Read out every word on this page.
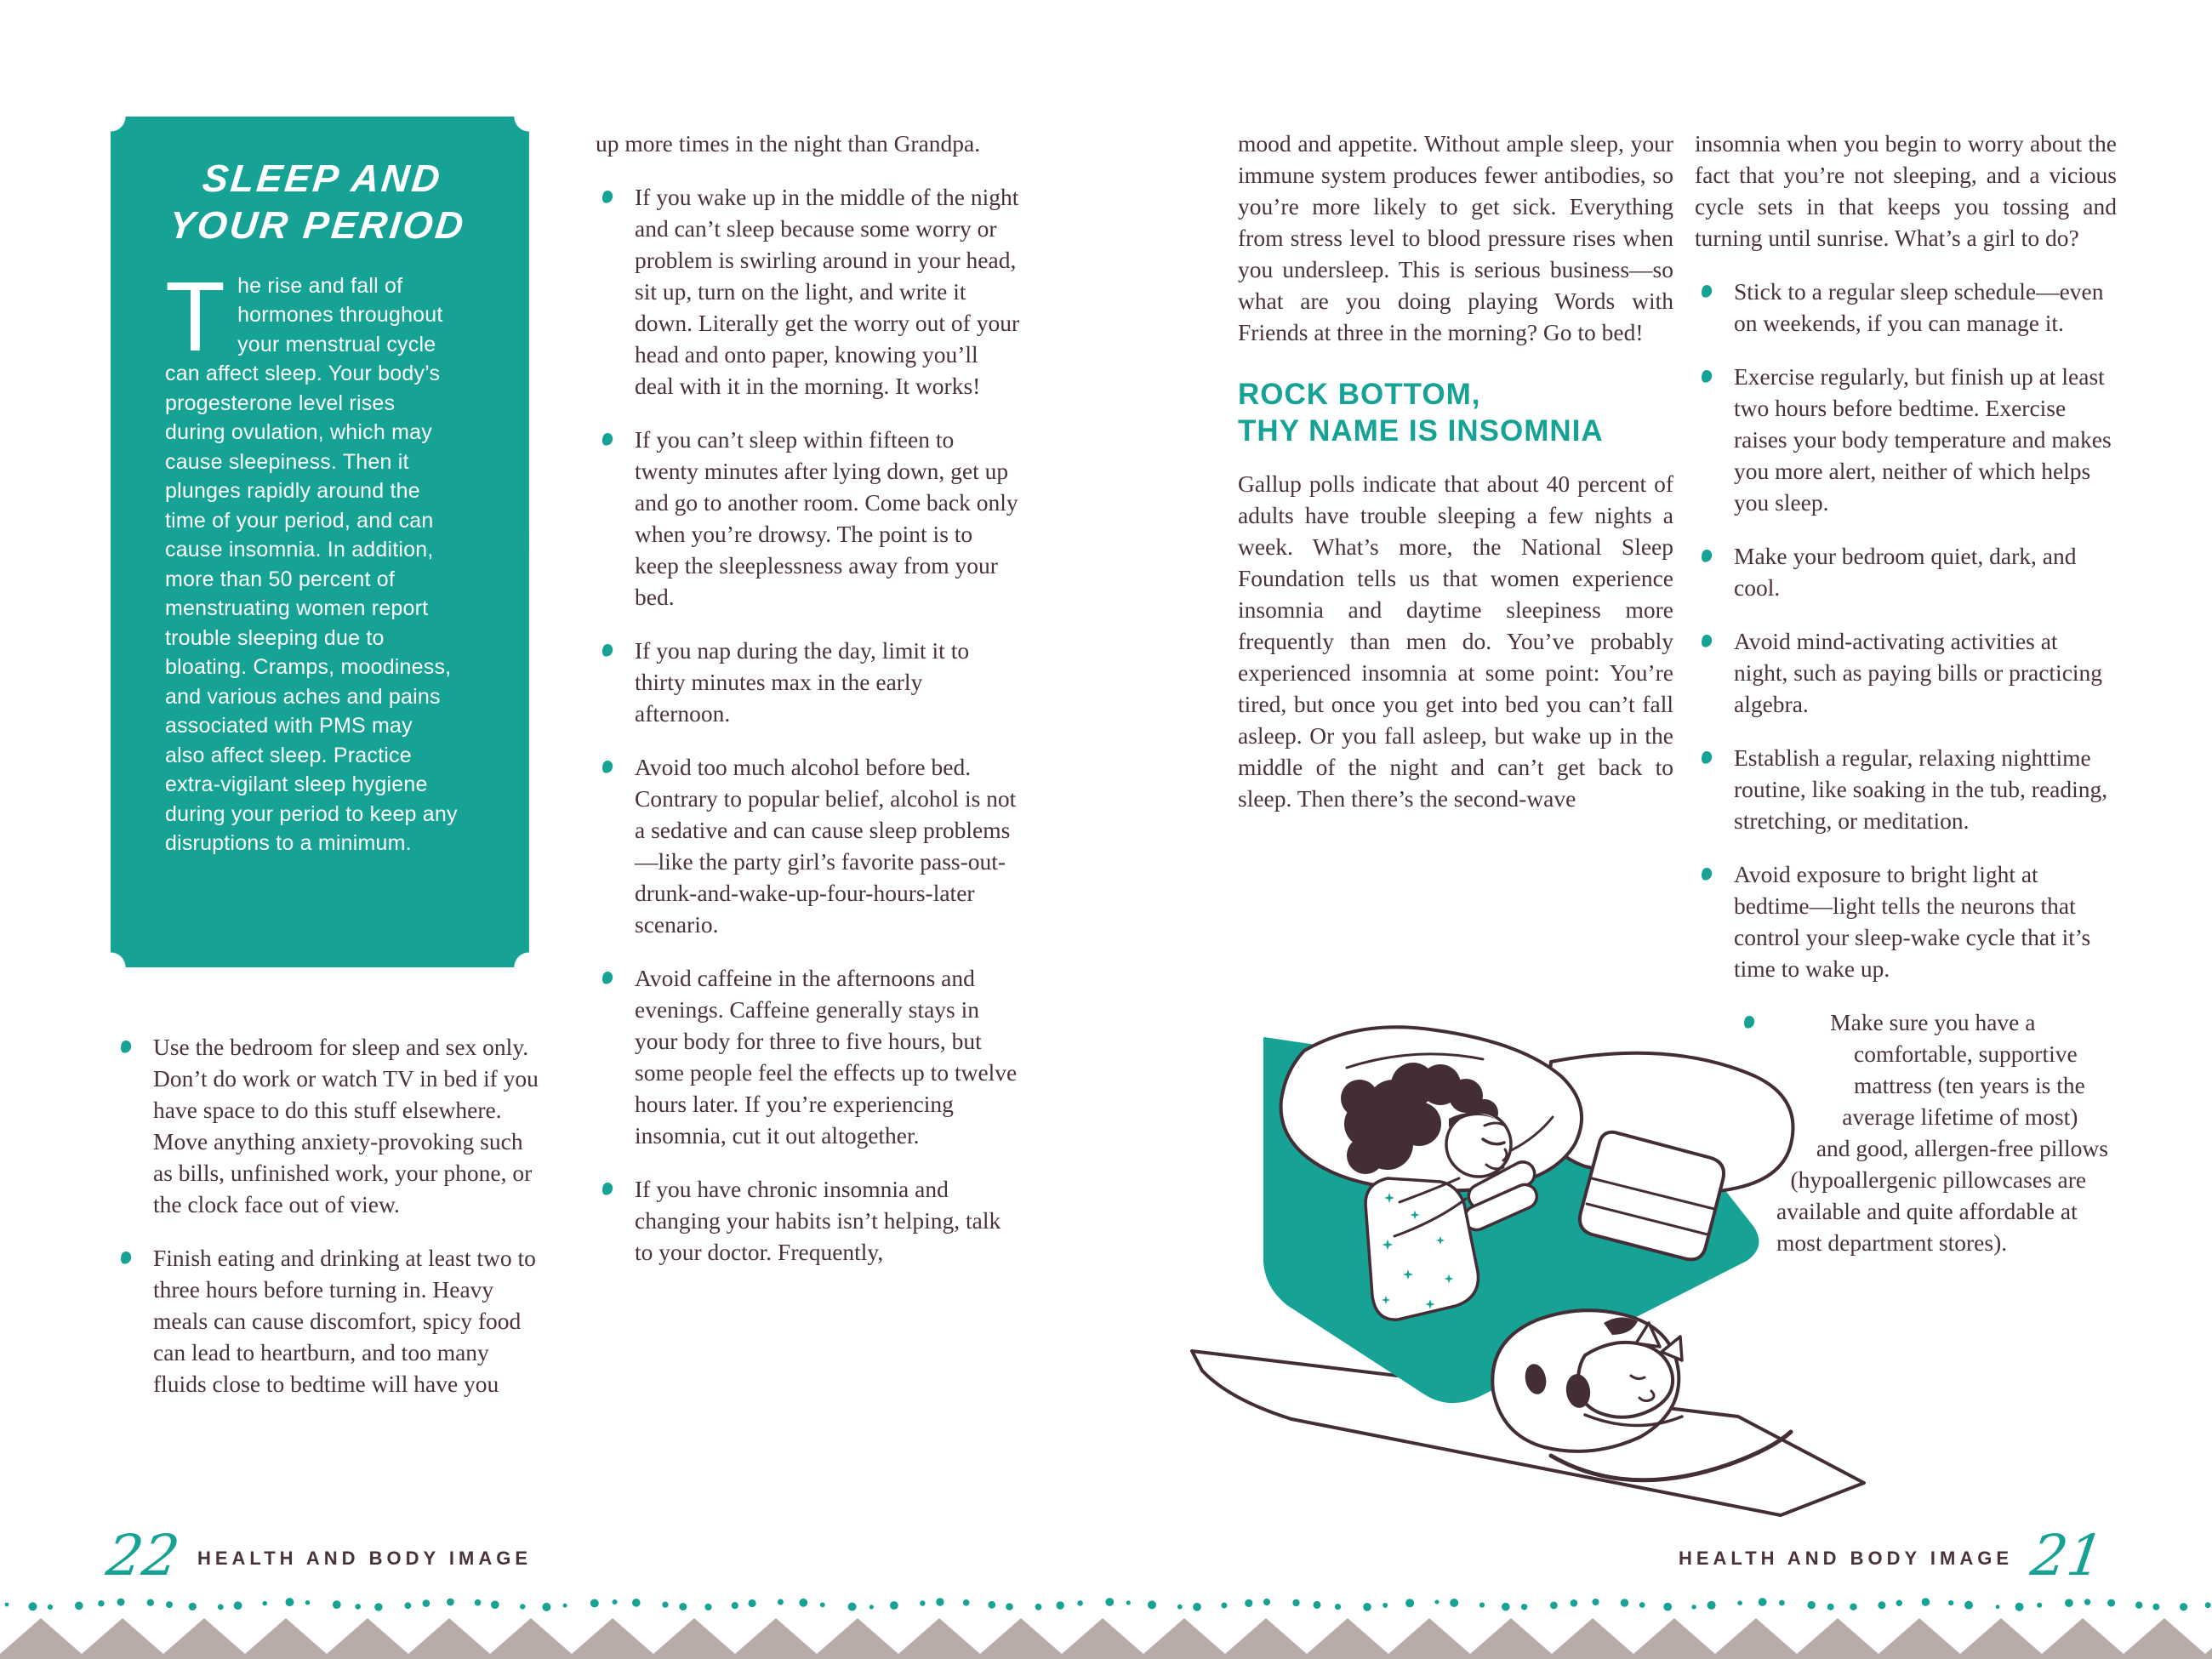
SLEEP AND
YOUR PERIOD
The rise and fall of hormones throughout your menstrual cycle can affect sleep. Your body’s progesterone level rises during ovulation, which may cause sleepiness. Then it plunges rapidly around the time of your period, and can cause insomnia. In addition, more than 50 percent of menstruating women report trouble sleeping due to bloating. Cramps, moodiness, and various aches and pains associated with PMS may also affect sleep. Practice extra-vigilant sleep hygiene during your period to keep any disruptions to a minimum.
Use the bedroom for sleep and sex only. Don’t do work or watch TV in bed if you have space to do this stuff elsewhere. Move anything anxiety-provoking such as bills, unfinished work, your phone, or the clock face out of view.
Finish eating and drinking at least two to three hours before turning in. Heavy meals can cause discomfort, spicy food can lead to heartburn, and too many fluids close to bedtime will have you

up more times in the night than Grandpa.

If you wake up in the middle of the night and can’t sleep because some worry or problem is swirling around in your head, sit up, turn on the light, and write it down. Literally get the worry out of your head and onto paper, knowing you’ll deal with it in the morning. It works!
If you can’t sleep within fifteen to twenty minutes after lying down, get up and go to another room. Come back only when you’re drowsy. The point is to keep the sleeplessness away from your bed.
If you nap during the day, limit it to thirty minutes max in the early afternoon.
Avoid too much alcohol before bed. Contrary to popular belief, alcohol is not a sedative and can cause sleep problems—like the party girl’s favorite pass-out-drunk-and-wake-up-four-hours-later scenario.
Avoid caffeine in the afternoons and evenings. Caffeine generally stays in your body for three to five hours, but some people feel the effects up to twelve hours later. If you’re experiencing insomnia, cut it out altogether.
If you have chronic insomnia and changing your habits isn’t helping, talk to your doctor. Frequently,

mood and appetite. Without ample sleep, your immune system produces fewer antibodies, so you’re more likely to get sick. Everything from stress level to blood pressure rises when you undersleep. This is serious business—so what are you doing playing Words with Friends at three in the morning? Go to bed!

ROCK BOTTOM,
THY NAME IS INSOMNIA

Gallup polls indicate that about 40 percent of adults have trouble sleeping a few nights a week. What’s more, the National Sleep Foundation tells us that women experience insomnia and daytime sleepiness more frequently than men do. You’ve probably experienced insomnia at some point: You’re tired, but once you get into bed you can’t fall asleep. Or you fall asleep, but wake up in the middle of the night and can’t get back to sleep. Then there’s the second-wave

insomnia when you begin to worry about the fact that you’re not sleeping, and a vicious cycle sets in that keeps you tossing and turning until sunrise. What’s a girl to do?

Stick to a regular sleep schedule—even on weekends, if you can manage it.
Exercise regularly, but finish up at least two hours before bedtime. Exercise raises your body temperature and makes you more alert, neither of which helps you sleep.
Make your bedroom quiet, dark, and cool.
Avoid mind-activating activities at night, such as paying bills or practicing algebra.
Establish a regular, relaxing nighttime routine, like soaking in the tub, reading, stretching, or meditation.
Avoid exposure to bright light at bedtime—light tells the neurons that control your sleep-wake cycle that it’s time to wake up.
Make sure you have a comfortable, supportive mattress (ten years is the average lifetime of most) and good, allergen-free pillows (hypoallergenic pillowcases are available and quite affordable at most department stores).
22 HEALTH AND BODY IMAGE	HEALTH AND BODY IMAGE 21
